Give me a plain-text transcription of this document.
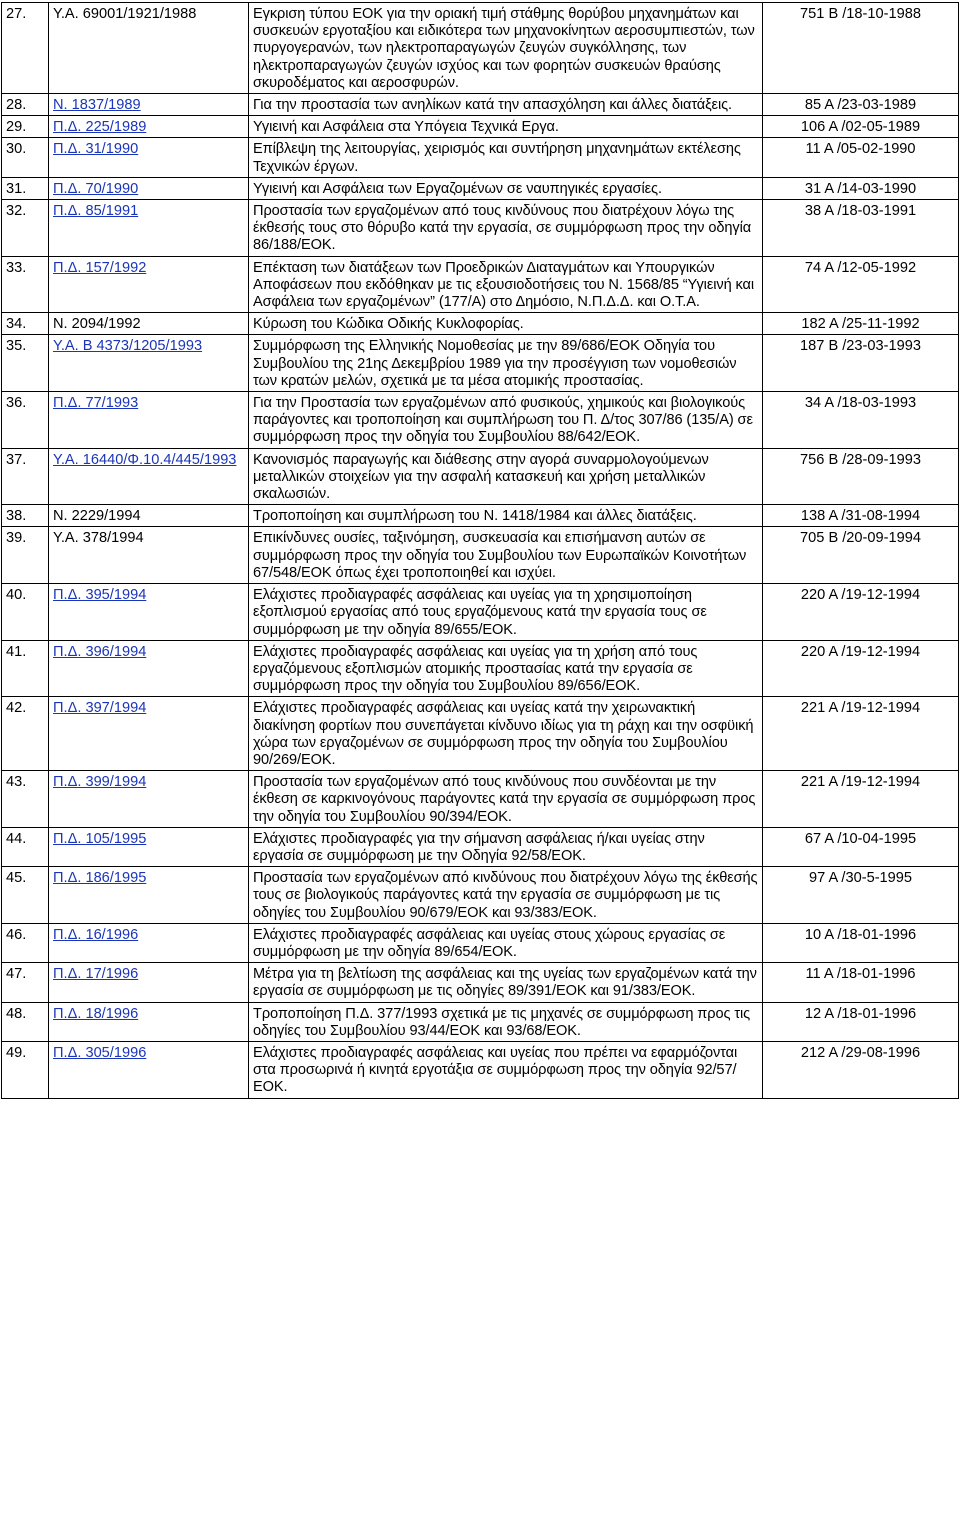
27.	Υ.Α. 69001/1921/1988	Εγκριση τύπου ΕΟΚ για την οριακή τιμή στάθμης θορύβου μηχανημάτων και συσκευών εργοταξίου και ειδικότερα των μηχανοκίνητων αεροσυμπιεστών, των πυργογερανών, των ηλεκτροπαραγωγών ζευγών συγκόλλησης, των ηλεκτροπαραγωγών ζευγών ισχύος και των φορητών συσκευών θραύσης σκυροδέματος και αεροσφυρών.	751 Β /18-10-1988
28.	Ν. 1837/1989	Για την προστασία των ανηλίκων κατά την απασχόληση και άλλες διατάξεις.	85 Α /23-03-1989
29.	Π.Δ. 225/1989	Υγιεινή και Ασφάλεια στα Υπόγεια Τεχνικά Εργα.	106 Α /02-05-1989
30.	Π.Δ. 31/1990	Επίβλεψη της λειτουργίας, χειρισμός και συντήρηση μηχανημάτων εκτέλεσης Τεχνικών έργων.	11 Α /05-02-1990
31.	Π.Δ. 70/1990	Υγιεινή και Ασφάλεια των Εργαζομένων σε ναυπηγικές εργασίες.	31 Α /14-03-1990
32.	Π.Δ. 85/1991	Προστασία των εργαζομένων από τους κινδύνους που διατρέχουν λόγω της έκθεσής τους στο θόρυβο κατά την εργασία, σε συμμόρφωση προς την οδηγία 86/188/ΕΟΚ.	38 Α /18-03-1991
33.	Π.Δ. 157/1992	Επέκταση των διατάξεων των Προεδρικών Διαταγμάτων και Υπουργικών Αποφάσεων που εκδόθηκαν με τις εξουσιοδοτήσεις του Ν. 1568/85 “Υγιεινή και Ασφάλεια των εργαζομένων” (177/Α) στο Δημόσιο, Ν.Π.Δ.Δ. και Ο.Τ.Α.	74 Α /12-05-1992
34.	Ν. 2094/1992	Κύρωση του Κώδικα Οδικής Κυκλοφορίας.	182 Α /25-11-1992
35.	Υ.Α. Β 4373/1205/1993	Συμμόρφωση της Ελληνικής Νομοθεσίας με την 89/686/ΕΟΚ Οδηγία του Συμβουλίου της 21ης Δεκεμβρίου 1989 για την προσέγγιση των νομοθεσιών των κρατών μελών, σχετικά με τα μέσα ατομικής προστασίας.	187 Β /23-03-1993
36.	Π.Δ. 77/1993	Για την Προστασία των εργαζομένων από φυσικούς, χημικούς και βιολογικούς παράγοντες και τροποποίηση και συμπλήρωση του Π. Δ/τος 307/86 (135/Α) σε συμμόρφωση προς την οδηγία του Συμβουλίου 88/642/ΕΟΚ.	34 Α /18-03-1993
37.	Υ.Α. 16440/Φ.10.4/445/1993	Κανονισμός παραγωγής και διάθεσης στην αγορά συναρμολογούμενων μεταλλικών στοιχείων για την ασφαλή κατασκευή και χρήση μεταλλικών σκαλωσιών.	756 Β /28-09-1993
38.	Ν. 2229/1994	Τροποποίηση και συμπλήρωση του Ν. 1418/1984 και άλλες διατάξεις.	138 Α /31-08-1994
39.	Υ.Α. 378/1994	Επικίνδυνες ουσίες, ταξινόμηση, συσκευασία και επισήμανση αυτών σε συμμόρφωση προς την οδηγία του Συμβουλίου των Ευρωπαϊκών Κοινοτήτων 67/548/ΕΟΚ όπως έχει τροποποιηθεί και ισχύει.	705 Β /20-09-1994
40.	Π.Δ. 395/1994	Ελάχιστες προδιαγραφές ασφάλειας και υγείας για τη χρησιμοποίηση εξοπλισμού εργασίας από τους εργαζόμενους κατά την εργασία τους σε συμμόρφωση με την οδηγία 89/655/ΕΟΚ.	220 Α /19-12-1994
41.	Π.Δ. 396/1994	Ελάχιστες προδιαγραφές ασφάλειας και υγείας για τη χρήση από τους εργαζόμενους εξοπλισμών ατομικής προστασίας κατά την εργασία σε συμμόρφωση προς την οδηγία του Συμβουλίου 89/656/ΕΟΚ.	220 Α /19-12-1994
42.	Π.Δ. 397/1994	Ελάχιστες προδιαγραφές ασφάλειας και υγείας κατά την χειρωνακτική διακίνηση φορτίων που συνεπάγεται κίνδυνο ιδίως για τη ράχη και την οσφϋική χώρα των εργαζομένων σε συμμόρφωση προς την οδηγία του Συμβουλίου 90/269/ΕΟΚ.	221 Α /19-12-1994
43.	Π.Δ. 399/1994	Προστασία των εργαζομένων από τους κινδύνους που συνδέονται με την έκθεση σε καρκινογόνους παράγοντες κατά την εργασία σε συμμόρφωση προς την οδηγία του Συμβουλίου 90/394/ΕΟΚ.	221 Α /19-12-1994
44.	Π.Δ. 105/1995	Ελάχιστες προδιαγραφές για την σήμανση ασφάλειας ή/και υγείας στην εργασία σε συμμόρφωση με την Οδηγία 92/58/ΕΟΚ.	67 Α /10-04-1995
45.	Π.Δ. 186/1995	Προστασία των εργαζομένων από κινδύνους που διατρέχουν λόγω της έκθεσής τους σε βιολογικούς παράγοντες κατά την εργασία σε συμμόρφωση με τις οδηγίες του Συμβουλίου 90/679/ΕΟΚ και 93/383/ΕΟΚ.	97 Α /30-5-1995
46.	Π.Δ. 16/1996	Ελάχιστες προδιαγραφές ασφάλειας και υγείας στους χώρους εργασίας σε συμμόρφωση με την οδηγία 89/654/ΕΟΚ.	10 Α /18-01-1996
47.	Π.Δ. 17/1996	Μέτρα για τη βελτίωση της ασφάλειας και της υγείας των εργαζομένων κατά την εργασία σε συμμόρφωση με τις οδηγίες 89/391/ΕΟΚ και 91/383/ΕΟΚ.	11 Α /18-01-1996
48.	Π.Δ. 18/1996	Τροποποίηση Π.Δ. 377/1993 σχετικά με τις μηχανές σε συμμόρφωση προς τις οδηγίες του Συμβουλίου 93/44/ΕΟΚ και 93/68/ΕΟΚ.	12 Α /18-01-1996
49.	Π.Δ. 305/1996	Ελάχιστες προδιαγραφές ασφάλειας και υγείας που πρέπει να εφαρμόζονται στα προσωρινά ή κινητά εργοτάξια σε συμμόρφωση προς την οδηγία 92/57/ΕΟΚ.	212 Α /29-08-1996
